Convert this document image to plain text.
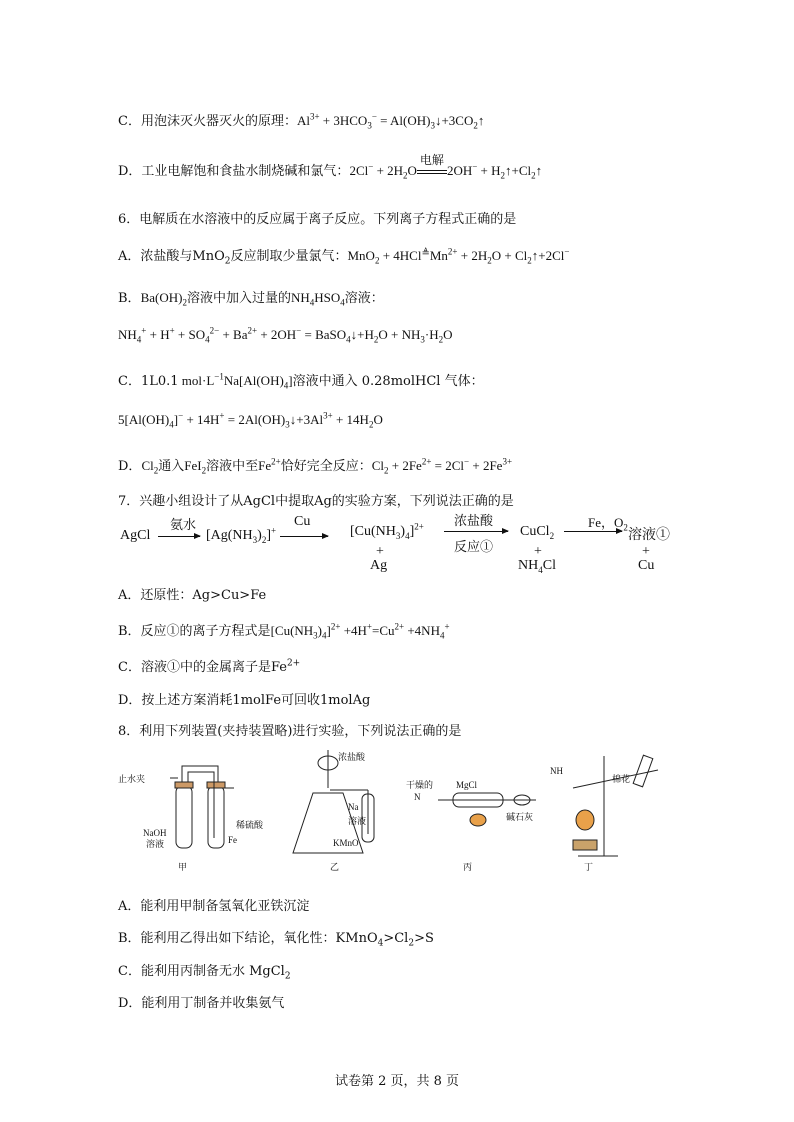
C．用泡沫灭火器灭火的原理：$Al^{3+} + 3HCO_3^-$ = $Al(OH)_3↓+3CO_2↑$
D．工业电解饱和食盐水制烧碱和氯气：$2Cl^- + 2H_2O$
电解
$2OH^- + H_2↑+Cl_2↑$
6．电解质在水溶液中的反应属于离子反应。下列离子方程式正确的是
A．浓盐酸与MnO$_2$反应制取少量氯气：$MnO_2 + 4HCl^≜Mn^{2+} + 2H_2O$ + $Cl_2↑+2Cl^-$
B．$Ba(OH)_2$溶液中加入过量的$NH_4HSO_4$溶液：
$NH_4^+ + H^+ + SO_4^{2-} + Ba^{2+} + 2OH^-$ = $BaSO_4↓+H_2O + NH_3\cdot H_2O$
C．1L0.1 $mol\cdot L^{-1}Na[Al(OH)_4]$溶液中通入 0.28molHCl 气体：
$5[Al(OH)_4]^- + 14H^+$ = $2Al(OH)_3↓+3Al^{3+} + 14H_2O$
D．$Cl_2$通入FeI$_2$溶液中至$Fe^{2+}$恰好完全反应：$Cl_2 + 2Fe^{2+} = 2Cl^- + 2Fe^{3+}$
7．兴趣小组设计了从AgCl中提取Ag的实验方案，下列说法正确的是
AgCl
氨水
$[Ag(NH_3)_2]^+$
Cu
$[Cu(NH_3)_4]^{2+}$
+
Ag
浓盐酸
反应①
CuCl$_2$
+
$NH_4Cl$
Fe，$O_2$
溶液①
+
Cu
A．还原性：Ag>Cu>Fe
B．反应①的离子方程式是$[Cu(NH_3)_4]^{2+} +4H^+=Cu^{2+} +4NH_4^+$
C．溶液①中的金属离子是$Fe^{2+}$
D．按上述方案消耗1molFe可回收1molAg
8．利用下列装置(夹持装置略)进行实验，下列说法正确的是
止水夹
NaOH
溶液
稀硫酸
Fe
甲
浓盐酸
Na
溶液
KMnO
乙
干燥的
N
MgCl
碱石灰
丙
NH
棉花
丁
A．能利用甲制备氢氧化亚铁沉淀
B．能利用乙得出如下结论，氧化性：$KMnO_4>Cl_2>S$
C．能利用丙制备无水 MgCl$_2$
D．能利用丁制备并收集氨气
试卷第 2 页，共 8 页
